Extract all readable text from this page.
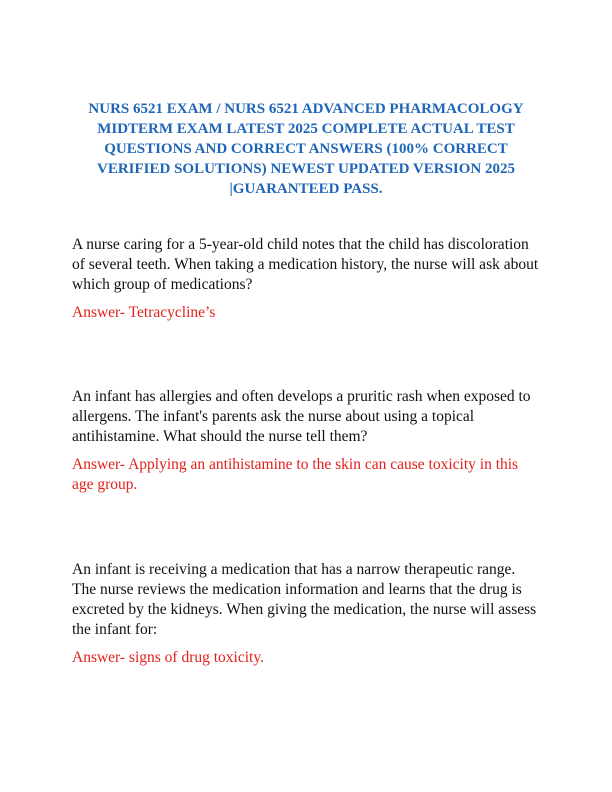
NURS 6521 EXAM / NURS 6521 ADVANCED PHARMACOLOGY MIDTERM EXAM LATEST 2025 COMPLETE ACTUAL TEST QUESTIONS AND CORRECT ANSWERS (100% CORRECT VERIFIED SOLUTIONS) NEWEST UPDATED VERSION 2025 |GUARANTEED PASS.

A nurse caring for a 5-year-old child notes that the child has discoloration of several teeth. When taking a medication history, the nurse will ask about which group of medications?

Answer- Tetracycline’s

An infant has allergies and often develops a pruritic rash when exposed to allergens. The infant's parents ask the nurse about using a topical antihistamine. What should the nurse tell them?

Answer- Applying an antihistamine to the skin can cause toxicity in this age group.

An infant is receiving a medication that has a narrow therapeutic range. The nurse reviews the medication information and learns that the drug is excreted by the kidneys. When giving the medication, the nurse will assess the infant for:

Answer- signs of drug toxicity.
